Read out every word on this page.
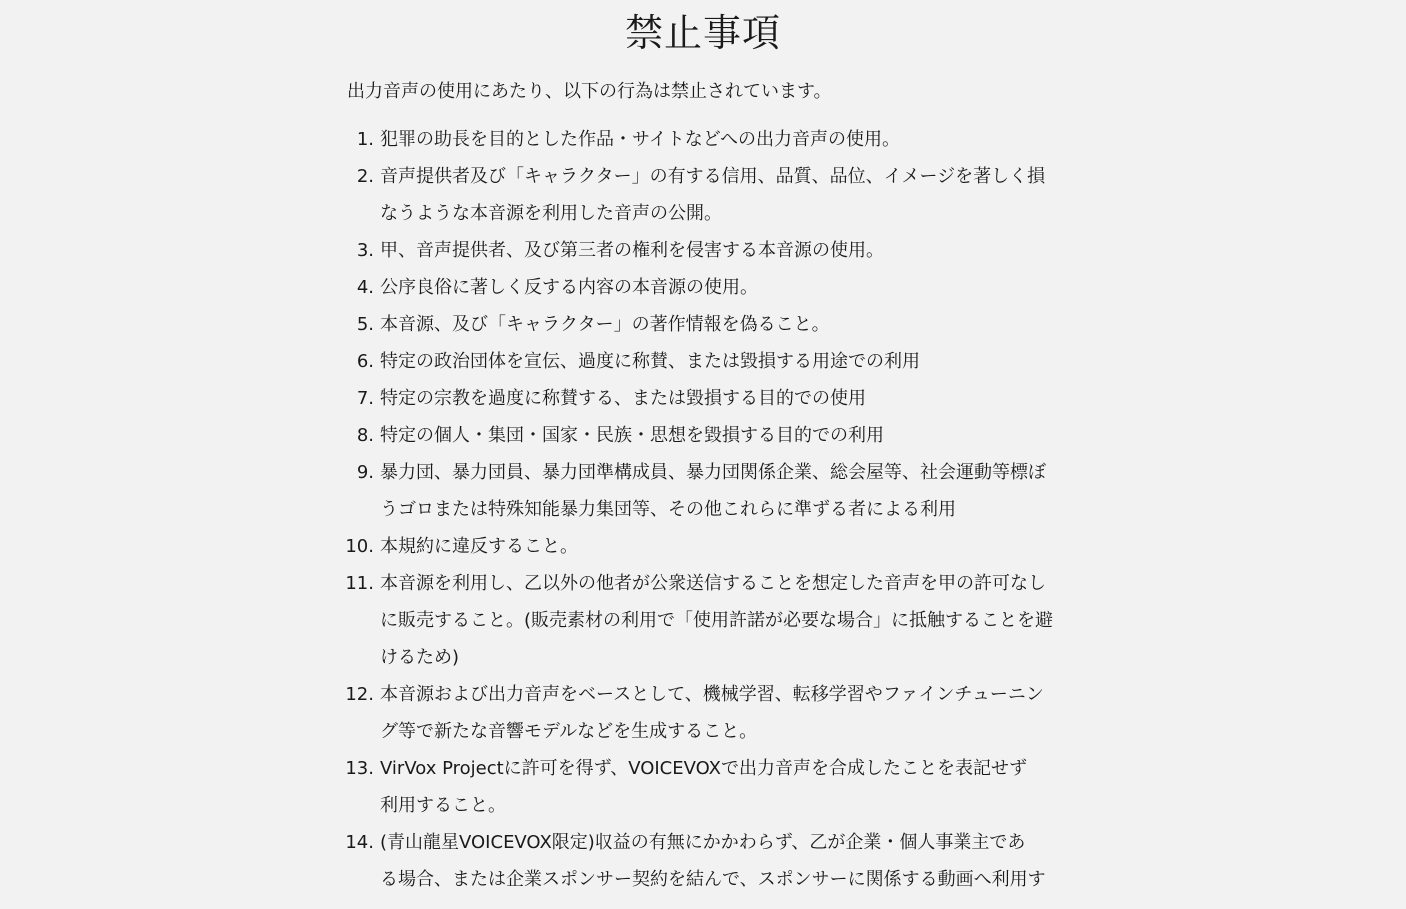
禁止事項

出力音声の使用にあたり、以下の行為は禁止されています。

1. 犯罪の助長を目的とした作品・サイトなどへの出力音声の使用。
2. 音声提供者及び「キャラクター」の有する信用、品質、品位、イメージを著しく損
なうような本音源を利用した音声の公開。
3. 甲、音声提供者、及び第三者の権利を侵害する本音源の使用。
4. 公序良俗に著しく反する内容の本音源の使用。
5. 本音源、及び「キャラクター」の著作情報を偽ること。
6. 特定の政治団体を宣伝、過度に称賛、または毀損する用途での利用
7. 特定の宗教を過度に称賛する、または毀損する目的での使用
8. 特定の個人・集団・国家・民族・思想を毀損する目的での利用
9. 暴力団、暴力団員、暴力団準構成員、暴力団関係企業、総会屋等、社会運動等標ぼ
うゴロまたは特殊知能暴力集団等、その他これらに準ずる者による利用
10. 本規約に違反すること。
11. 本音源を利用し、乙以外の他者が公衆送信することを想定した音声を甲の許可なし
に販売すること。(販売素材の利用で「使用許諾が必要な場合」に抵触することを避
けるため)
12. 本音源および出力音声をベースとして、機械学習、転移学習やファインチューニン
グ等で新たな音響モデルなどを生成すること。
13. VirVox Projectに許可を得ず、VOICEVOXで出力音声を合成したことを表記せず
利用すること。
14. (青山龍星VOICEVOX限定)収益の有無にかかわらず、乙が企業・個人事業主であ
る場合、または企業スポンサー契約を結んで、スポンサーに関係する動画へ利用す
